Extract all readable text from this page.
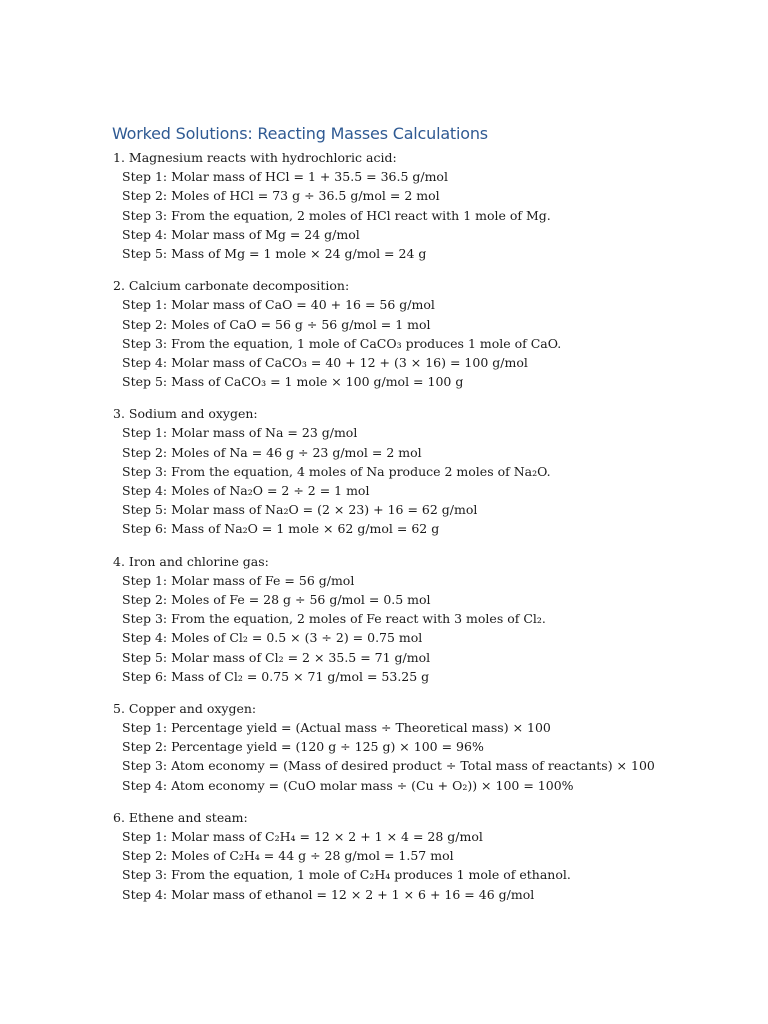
Worked Solutions: Reacting Masses Calculations
1. Magnesium reacts with hydrochloric acid:
Step 1: Molar mass of HCl = 1 + 35.5 = 36.5 g/mol
Step 2: Moles of HCl = 73 g ÷ 36.5 g/mol = 2 mol
Step 3: From the equation, 2 moles of HCl react with 1 mole of Mg.
Step 4: Molar mass of Mg = 24 g/mol
Step 5: Mass of Mg = 1 mole × 24 g/mol = 24 g
2. Calcium carbonate decomposition:
Step 1: Molar mass of CaO = 40 + 16 = 56 g/mol
Step 2: Moles of CaO = 56 g ÷ 56 g/mol = 1 mol
Step 3: From the equation, 1 mole of CaCO₃ produces 1 mole of CaO.
Step 4: Molar mass of CaCO₃ = 40 + 12 + (3 × 16) = 100 g/mol
Step 5: Mass of CaCO₃ = 1 mole × 100 g/mol = 100 g
3. Sodium and oxygen:
Step 1: Molar mass of Na = 23 g/mol
Step 2: Moles of Na = 46 g ÷ 23 g/mol = 2 mol
Step 3: From the equation, 4 moles of Na produce 2 moles of Na₂O.
Step 4: Moles of Na₂O = 2 ÷ 2 = 1 mol
Step 5: Molar mass of Na₂O = (2 × 23) + 16 = 62 g/mol
Step 6: Mass of Na₂O = 1 mole × 62 g/mol = 62 g
4. Iron and chlorine gas:
Step 1: Molar mass of Fe = 56 g/mol
Step 2: Moles of Fe = 28 g ÷ 56 g/mol = 0.5 mol
Step 3: From the equation, 2 moles of Fe react with 3 moles of Cl₂.
Step 4: Moles of Cl₂ = 0.5 × (3 ÷ 2) = 0.75 mol
Step 5: Molar mass of Cl₂ = 2 × 35.5 = 71 g/mol
Step 6: Mass of Cl₂ = 0.75 × 71 g/mol = 53.25 g
5. Copper and oxygen:
Step 1: Percentage yield = (Actual mass ÷ Theoretical mass) × 100
Step 2: Percentage yield = (120 g ÷ 125 g) × 100 = 96%
Step 3: Atom economy = (Mass of desired product ÷ Total mass of reactants) × 100
Step 4: Atom economy = (CuO molar mass ÷ (Cu + O₂)) × 100 = 100%
6. Ethene and steam:
Step 1: Molar mass of C₂H₄ = 12 × 2 + 1 × 4 = 28 g/mol
Step 2: Moles of C₂H₄ = 44 g ÷ 28 g/mol = 1.57 mol
Step 3: From the equation, 1 mole of C₂H₄ produces 1 mole of ethanol.
Step 4: Molar mass of ethanol = 12 × 2 + 1 × 6 + 16 = 46 g/mol
